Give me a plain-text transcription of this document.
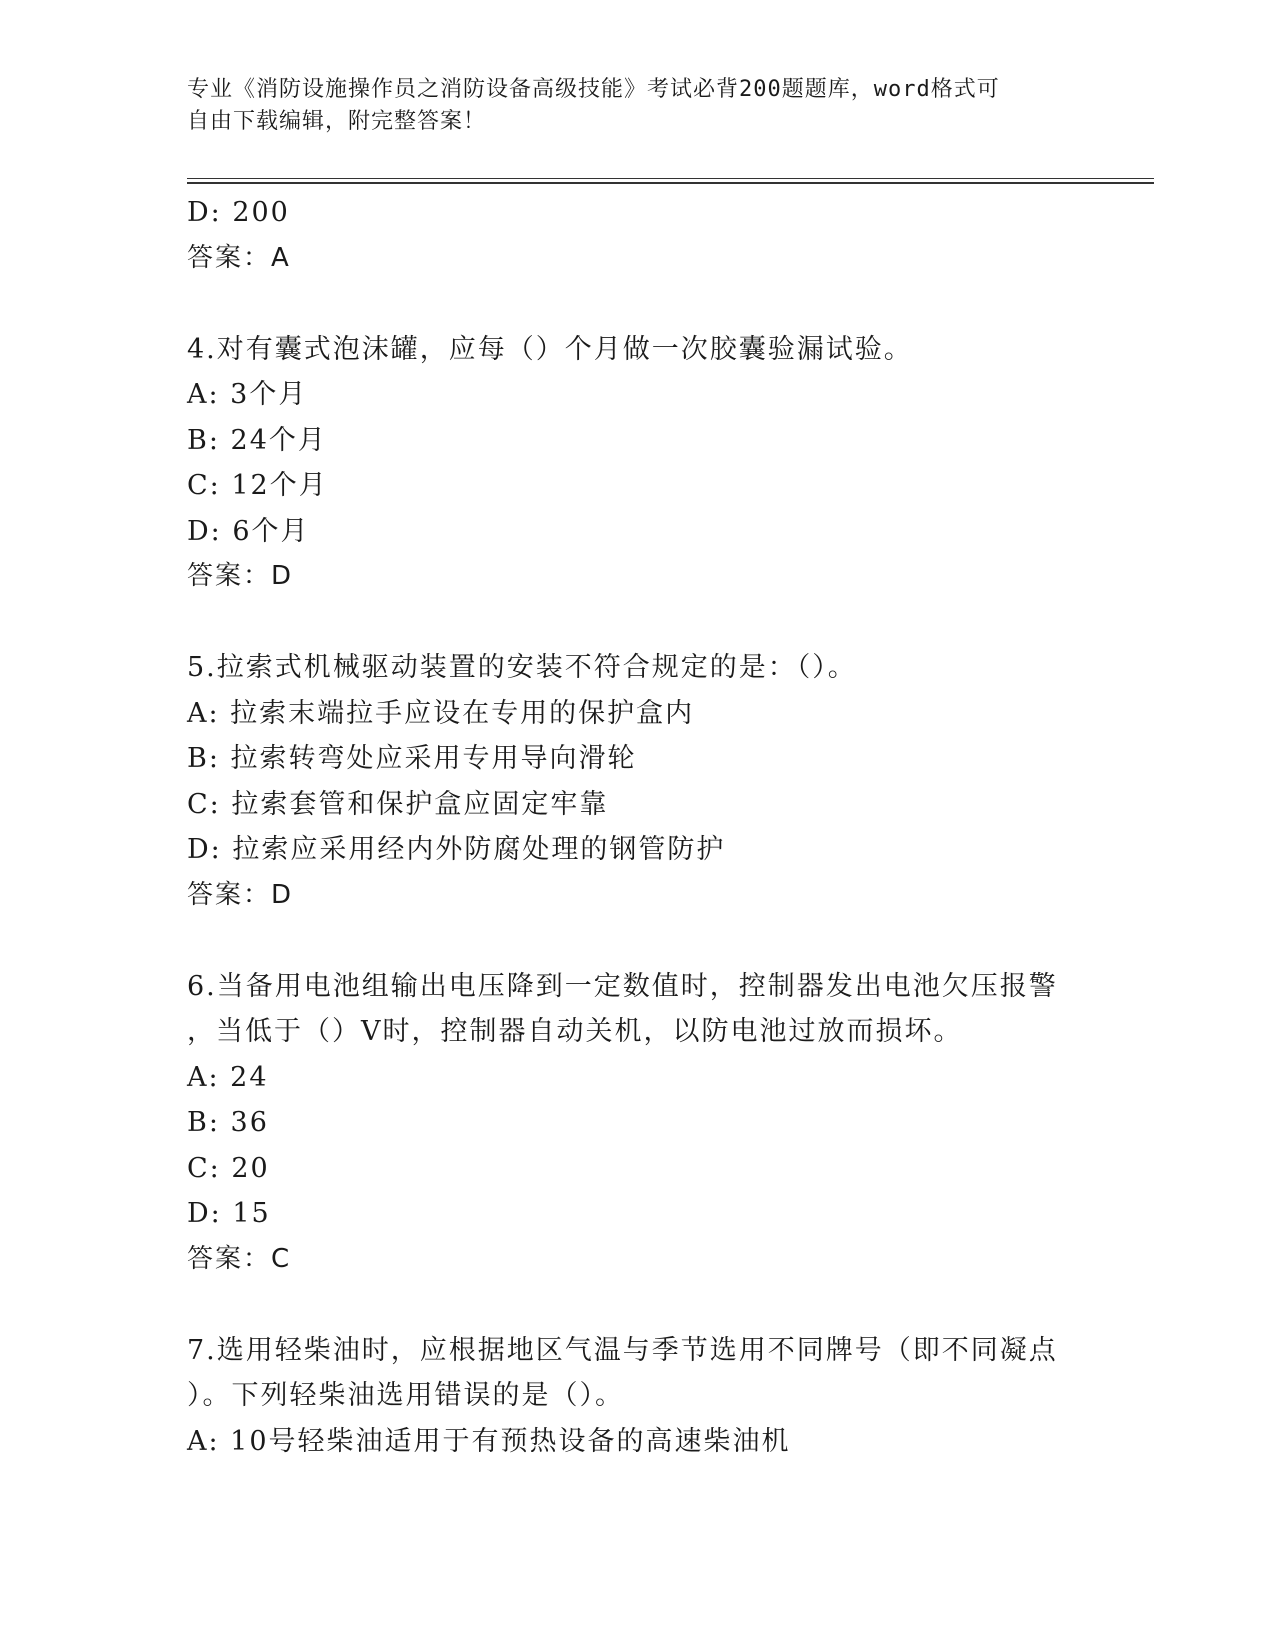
专业《消防设施操作员之消防设备高级技能》考试必背200题题库，word格式可
自由下载编辑，附完整答案！
D: 200
答案：A
4.对有囊式泡沫罐，应每（）个月做一次胶囊验漏试验。
A: 3个月
B: 24个月
C: 12个月
D: 6个月
答案：D
5.拉索式机械驱动装置的安装不符合规定的是：（）。
A: 拉索末端拉手应设在专用的保护盒内
B: 拉索转弯处应采用专用导向滑轮
C: 拉索套管和保护盒应固定牢靠
D: 拉索应采用经内外防腐处理的钢管防护
答案：D
6.当备用电池组输出电压降到一定数值时，控制器发出电池欠压报警
，当低于（）V时，控制器自动关机，以防电池过放而损坏。
A: 24
B: 36
C: 20
D: 15
答案：C
7.选用轻柴油时，应根据地区气温与季节选用不同牌号（即不同凝点
）。下列轻柴油选用错误的是（）。
A: 10号轻柴油适用于有预热设备的高速柴油机
